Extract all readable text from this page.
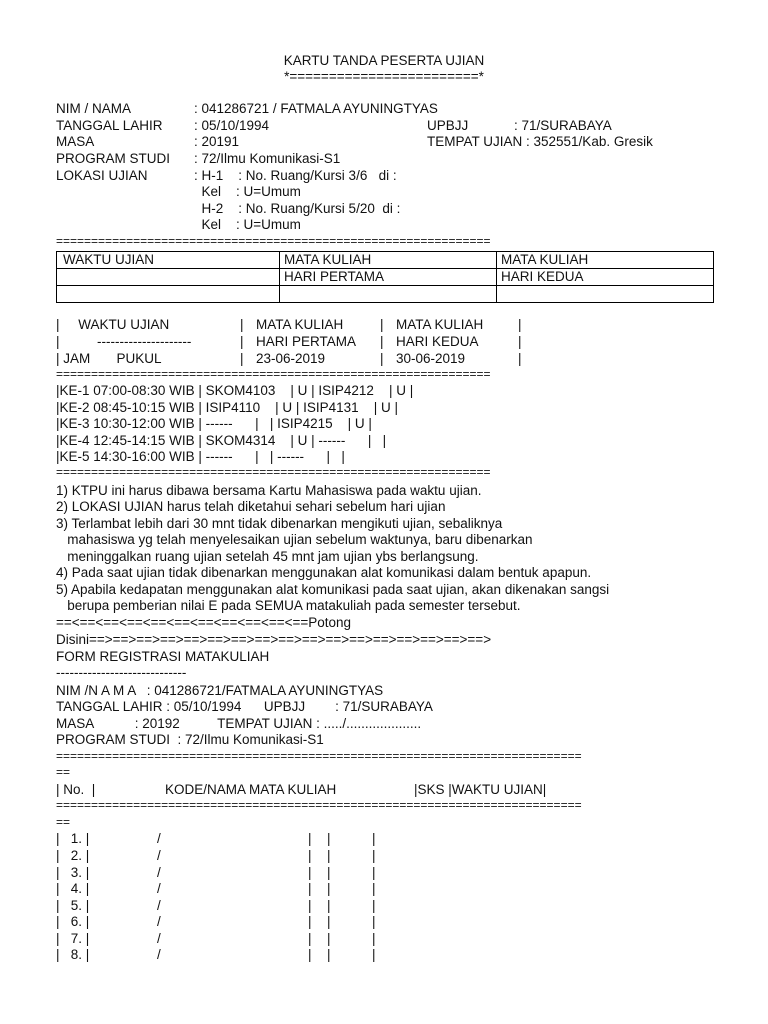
KARTU TANDA PESERTA UJIAN
*========================*
NIM / NAMA	: 041286721 / FATMALA AYUNINGTYAS
TANGGAL LAHIR : 05/10/1994	UPBJJ	: 71/SURABAYA
MASA	: 20191	TEMPAT UJIAN : 352551/Kab. Gresik
PROGRAM STUDI : 72/Ilmu Komunikasi-S1
LOKASI UJIAN	: H-1    : No. Ruang/Kursi 3/6   di :
Kel    : U=Umum
H-2    : No. Ruang/Kursi 5/20  di :
Kel    : U=Umum
==============================================================
WAKTU UJIAN	MATA KULIAH	MATA KULIAH
	HARI PERTAMA	HARI KEDUA

|     WAKTU UJIAN	| MATA KULIAH	| MATA KULIAH	|
|          ---------------------	| HARI PERTAMA | HARI KEDUA	|
| JAM       PUKUL	| 23-06-2019	| 30-06-2019	|
==============================================================
|KE-1 07:00-08:30 WIB | SKOM4103    | U | ISIP4212    | U |
|KE-2 08:45-10:15 WIB | ISIP4110    | U | ISIP4131    | U |
|KE-3 10:30-12:00 WIB | ------      |   | ISIP4215    | U |
|KE-4 12:45-14:15 WIB | SKOM4314    | U | ------      |   |
|KE-5 14:30-16:00 WIB | ------      |   | ------      |   |
==============================================================
1) KTPU ini harus dibawa bersama Kartu Mahasiswa pada waktu ujian.
2) LOKASI UJIAN harus telah diketahui sehari sebelum hari ujian
3) Terlambat lebih dari 30 mnt tidak dibenarkan mengikuti ujian, sebaliknya
mahasiswa yg telah menyelesaikan ujian sebelum waktunya, baru dibenarkan
meninggalkan ruang ujian setelah 45 mnt jam ujian ybs berlangsung.
4) Pada saat ujian tidak dibenarkan menggunakan alat komunikasi dalam bentuk apapun.
5) Apabila kedapatan menggunakan alat komunikasi pada saat ujian, akan dikenakan sangsi
berupa pemberian nilai E pada SEMUA matakuliah pada semester tersebut.
==<==<==<==<==<==<==<==<==<==<==Potong
Disini==>==>==>==>==>==>==>==>==>==>==>==>==>==>==>==>==>
FORM REGISTRASI MATAKULIAH
-----------------------------
NIM /N A M A   : 041286721/FATMALA AYUNINGTYAS
TANGGAL LAHIR : 05/10/1994      UPBJJ        : 71/SURABAYA
MASA           : 20192          TEMPAT UJIAN : ...../....................
PROGRAM STUDI  : 72/Ilmu Komunikasi-S1
===========================================================================
==
| No.  |	KODE/NAMA MATA KULIAH	|SKS |WAKTU UJIAN|
===========================================================================
==
|   1. |	/	| |	|
|   2. |	/	| |	|
|   3. |	/	| |	|
|   4. |	/	| |	|
|   5. |	/	| |	|
|   6. |	/	| |	|
|   7. |	/	| |	|
|   8. |	/	| |	|
